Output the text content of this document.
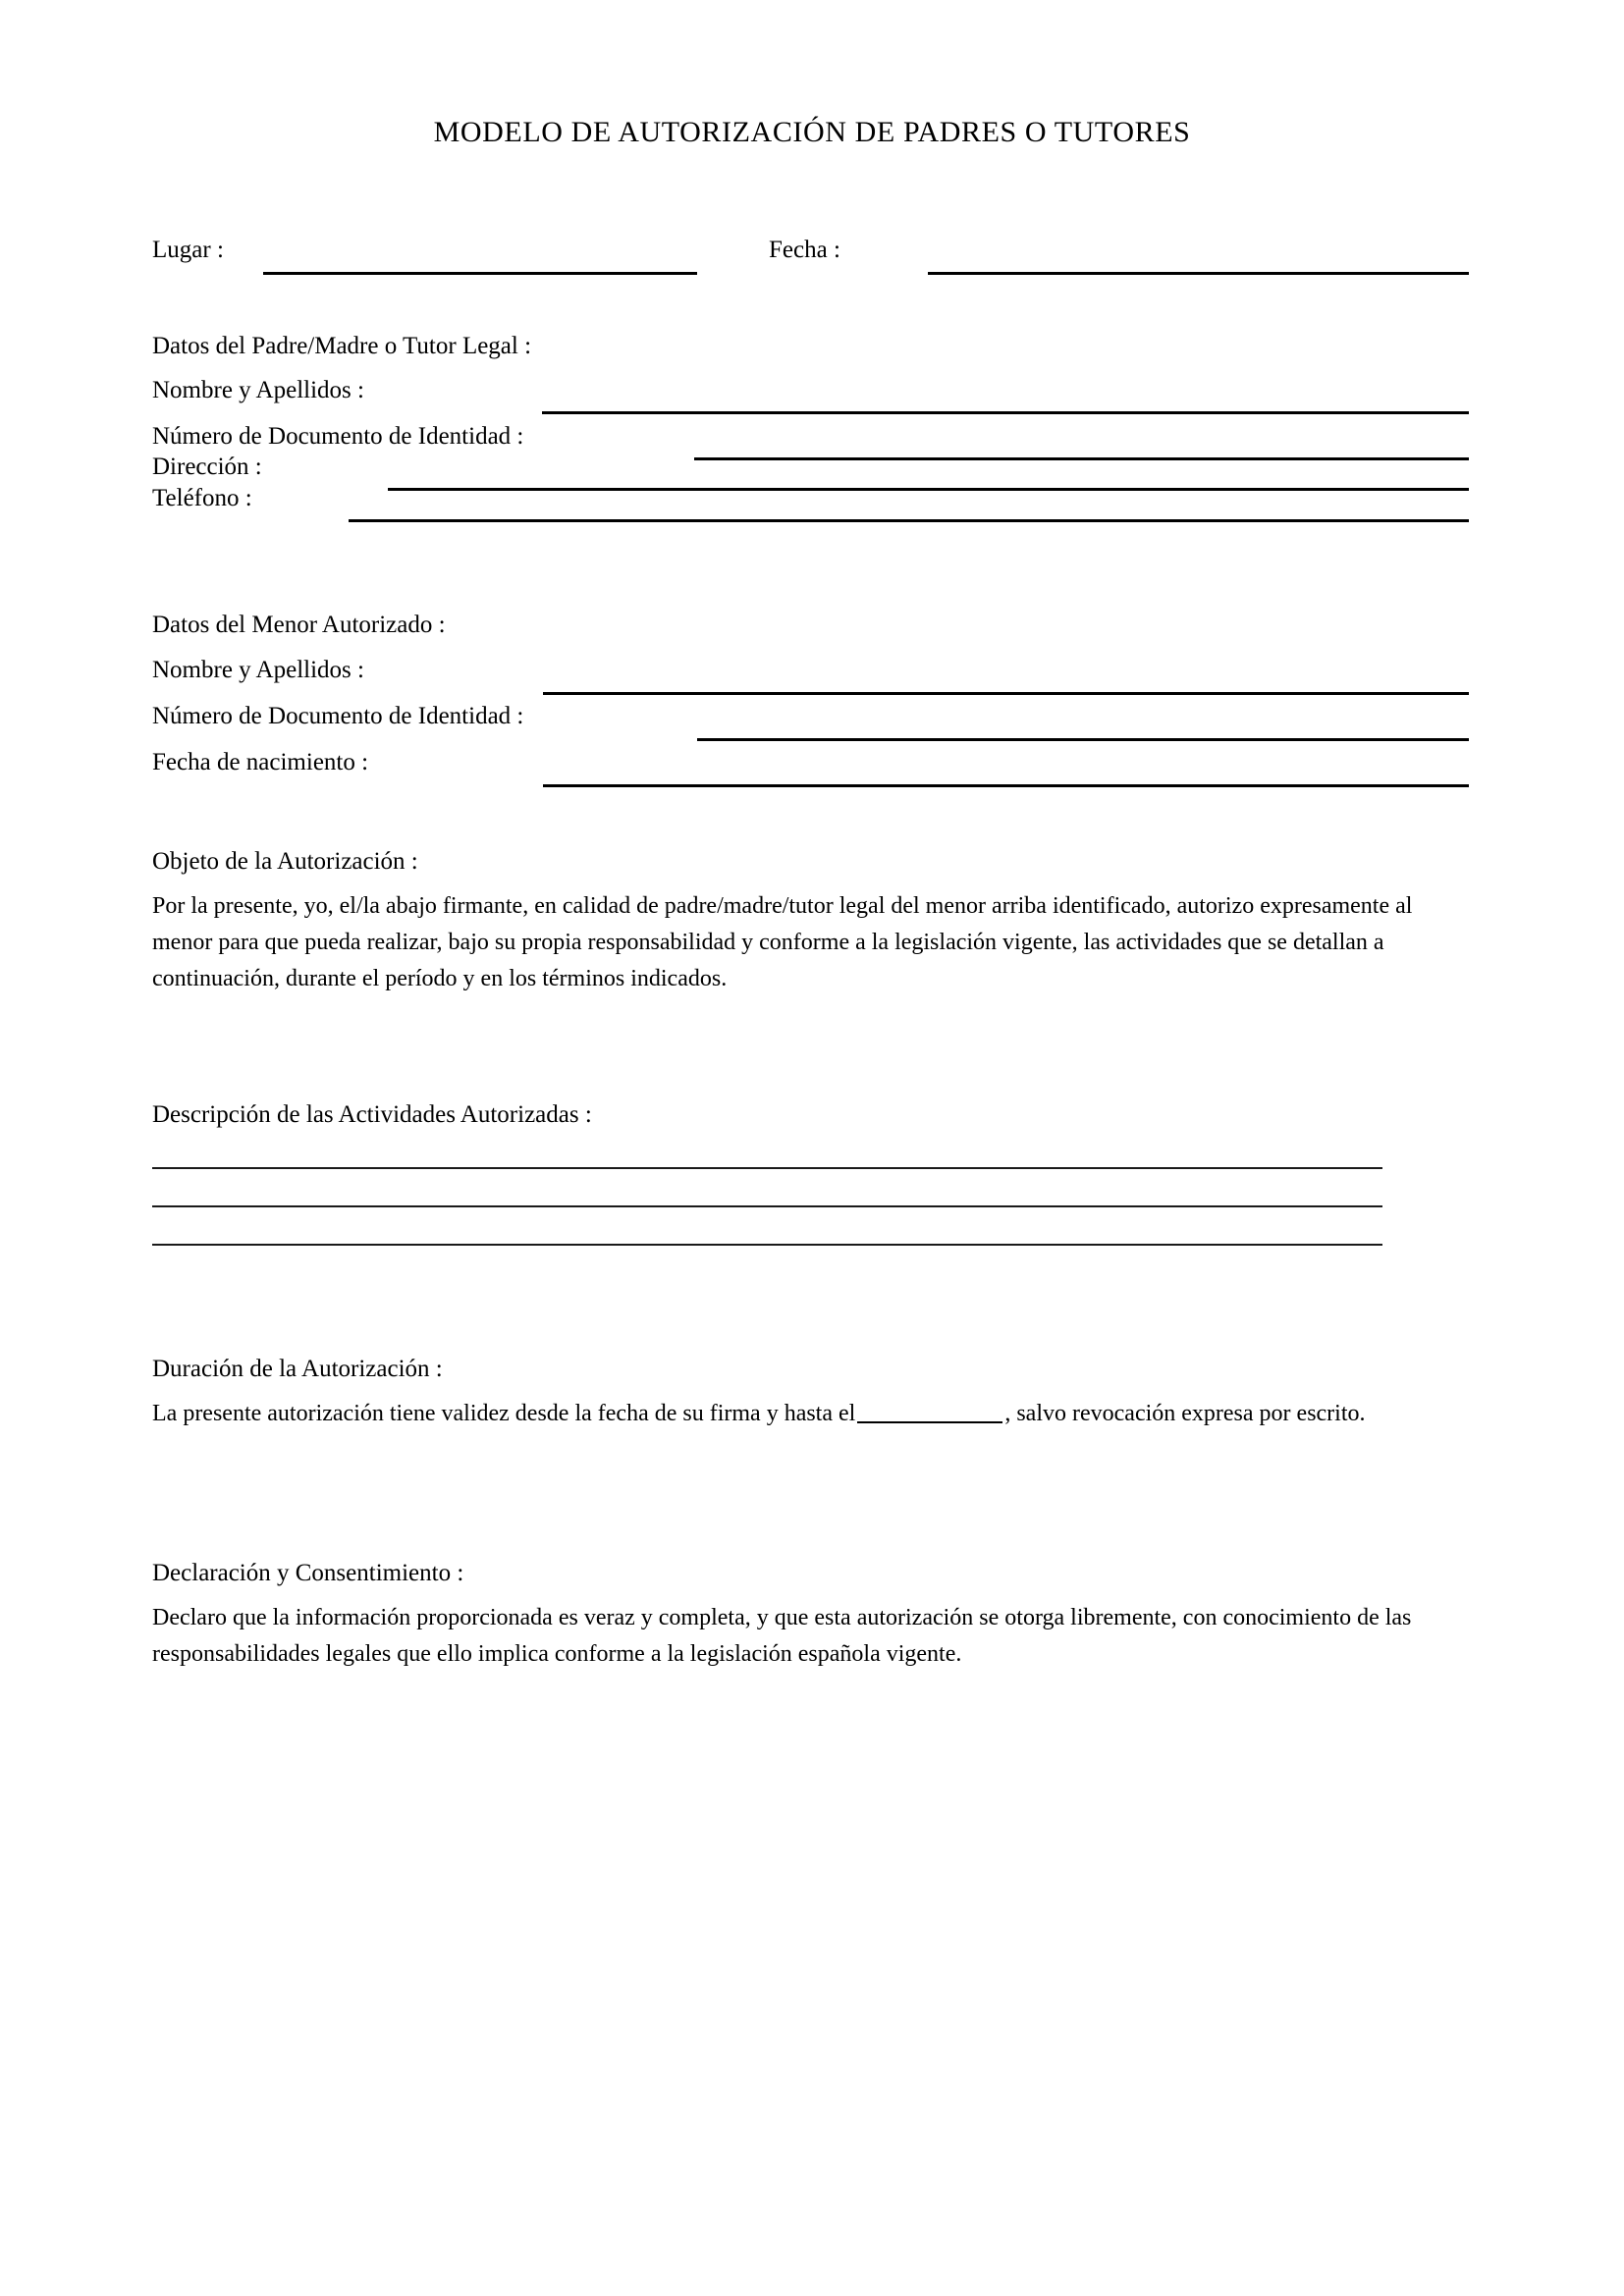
MODELO DE AUTORIZACIÓN DE PADRES O TUTORES
Lugar :	Fecha :
Datos del Padre/Madre o Tutor Legal :
Nombre y Apellidos :
Número de Documento de Identidad :
Dirección :
Teléfono :
Datos del Menor Autorizado :
Nombre y Apellidos :
Número de Documento de Identidad :
Fecha de nacimiento :
Objeto de la Autorización :
Por la presente, yo, el/la abajo firmante, en calidad de padre/madre/tutor legal del menor arriba identificado, autorizo expresamente al menor para que pueda realizar, bajo su propia responsabilidad y conforme a la legislación vigente, las actividades que se detallan a continuación, durante el período y en los términos indicados.
Descripción de las Actividades Autorizadas :
Duración de la Autorización :
La presente autorización tiene validez desde la fecha de su firma y hasta el	, salvo revocación expresa por escrito.
Declaración y Consentimiento :
Declaro que la información proporcionada es veraz y completa, y que esta autorización se otorga libremente, con conocimiento de las responsabilidades legales que ello implica conforme a la legislación española vigente.
